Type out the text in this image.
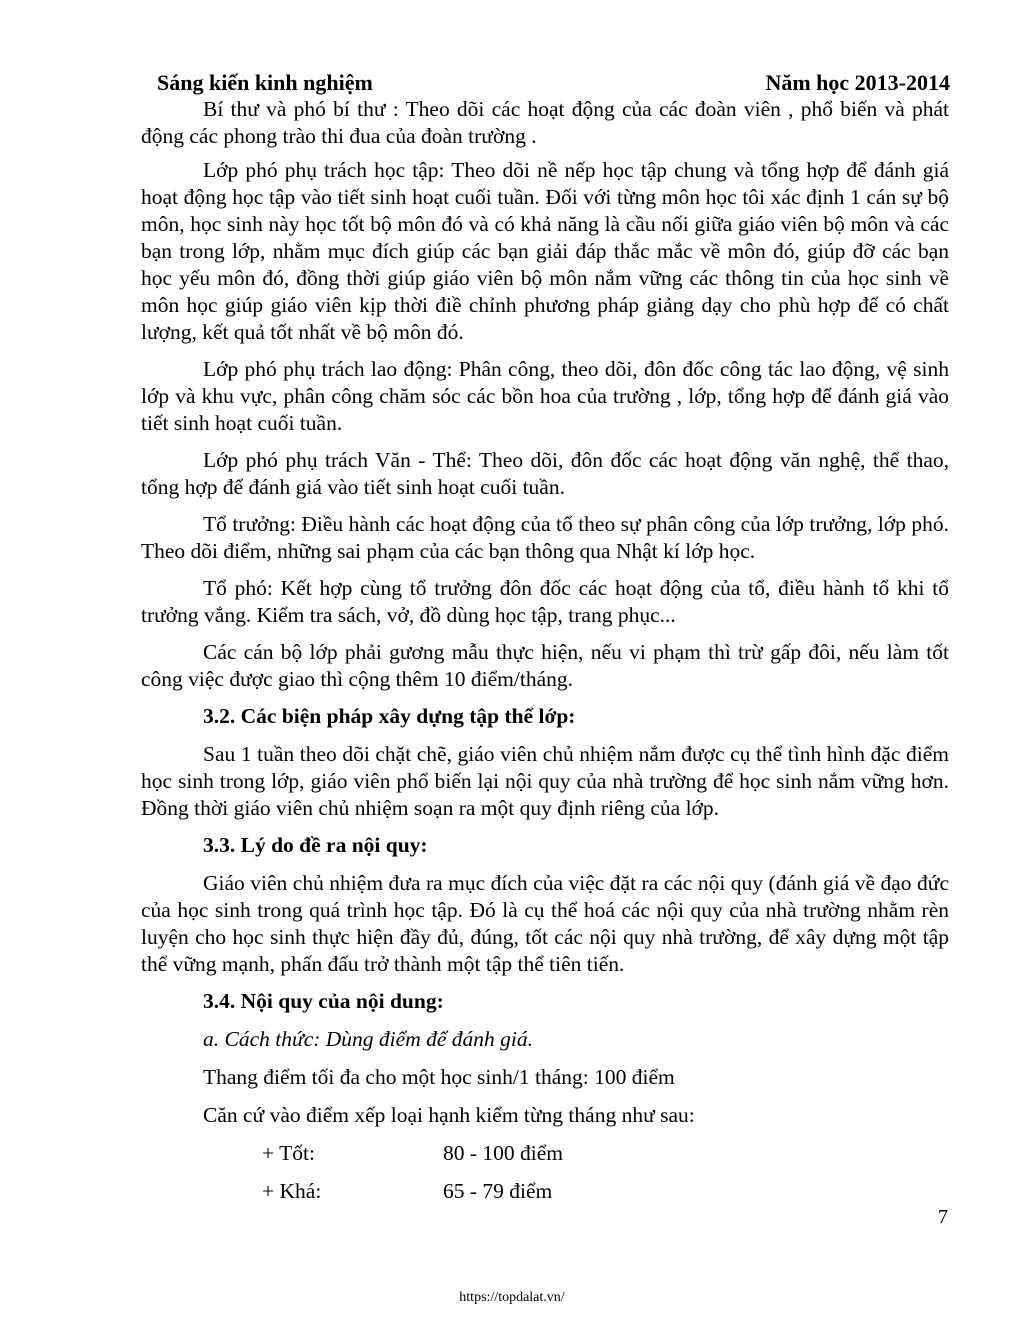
Sáng kiến kinh nghiệm	Năm học 2013-2014

Bí thư và phó bí thư : Theo dõi các hoạt động của các đoàn viên , phổ biến và phát động các phong trào thi đua của đoàn trường .

Lớp phó phụ trách học tập: Theo dõi nề nếp học tập chung và tổng hợp để đánh giá hoạt động học tập vào tiết sinh hoạt cuối tuần. Đối với từng môn học tôi xác định 1 cán sự bộ môn, học sinh này học tốt bộ môn đó và có khả năng là cầu nối giữa giáo viên bộ môn và các bạn trong lớp, nhằm mục đích giúp các bạn giải đáp thắc mắc về môn đó, giúp đỡ các bạn học yếu môn đó, đồng thời giúp giáo viên bộ môn nắm vững các thông tin của học sinh về môn học giúp giáo viên kịp thời điề chỉnh phương pháp giảng dạy cho phù hợp để có chất lượng, kết quả tốt nhất về bộ môn đó.

Lớp phó phụ trách lao động: Phân công, theo dõi, đôn đốc công tác lao động, vệ sinh lớp và khu vực, phân công chăm sóc các bồn hoa của trường , lớp, tổng hợp để đánh giá vào tiết sinh hoạt cuối tuần.

Lớp phó phụ trách Văn - Thể: Theo dõi, đôn đốc các hoạt động văn nghệ, thể thao, tổng hợp để đánh giá vào tiết sinh hoạt cuối tuần.

Tổ trưởng: Điều hành các hoạt động của tổ theo sự phân công của lớp trưởng, lớp phó. Theo dõi điểm, những sai phạm của các bạn thông qua Nhật kí lớp học.

Tổ phó: Kết hợp cùng tổ trưởng đôn đốc các hoạt động của tổ, điều hành tổ khi tổ trưởng vắng. Kiểm tra sách, vở, đồ dùng học tập, trang phục...

Các cán bộ lớp phải gương mẫu thực hiện, nếu vi phạm thì trừ gấp đôi, nếu làm tốt công việc được giao thì cộng thêm 10 điểm/tháng.

3.2. Các biện pháp xây dựng tập thể lớp:

Sau 1 tuần theo dõi chặt chẽ, giáo viên chủ nhiệm nắm được cụ thể tình hình đặc điểm học sinh trong lớp, giáo viên phổ biến lại nội quy của nhà trường để học sinh nắm vững hơn. Đồng thời giáo viên chủ nhiệm soạn ra một quy định riêng của lớp.

3.3. Lý do đề ra nội quy:

Giáo viên chủ nhiệm đưa ra mục đích của việc đặt ra các nội quy (đánh giá về đạo đức của học sinh trong quá trình học tập. Đó là cụ thể hoá các nội quy của nhà trường nhằm rèn luyện cho học sinh thực hiện đầy đủ, đúng, tốt các nội quy nhà trường, để xây dựng một tập thể vững mạnh, phấn đấu trở thành một tập thể tiên tiến.

3.4. Nội quy của nội dung:
a. Cách thức: Dùng điểm để đánh giá.
Thang điểm tối đa cho một học sinh/1 tháng: 100 điểm
Căn cứ vào điểm xếp loại hạnh kiểm từng tháng như sau:
+ Tốt:	80 - 100 điểm
+ Khá:	65 - 79 điểm
7
https://topdalat.vn/
